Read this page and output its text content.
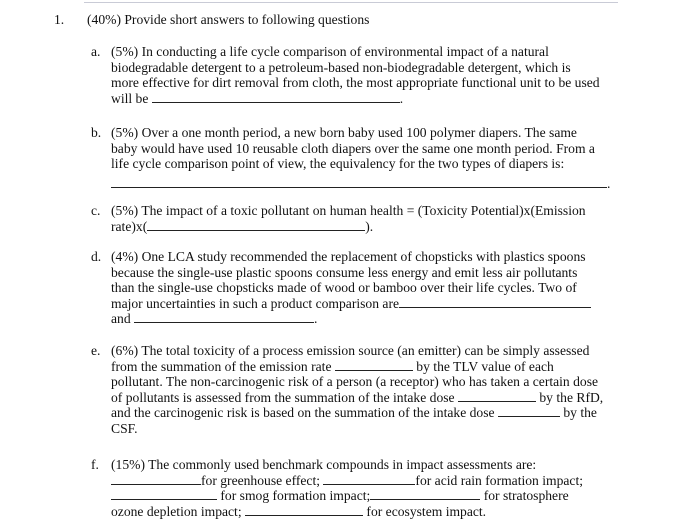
1. (40%) Provide short answers to following questions
a. (5%) In conducting a life cycle comparison of environmental impact of a natural
biodegradable detergent to a petroleum-based non-biodegradable detergent, which is
more effective for dirt removal from cloth, the most appropriate functional unit to be used
will be	.
b. (5%) Over a one month period, a new born baby used 100 polymer diapers. The same
baby would have used 10 reusable cloth diapers over the same one month period. From a
life cycle comparison point of view, the equivalency for the two types of diapers is:
.
c. (5%) The impact of a toxic pollutant on human health = (Toxicity Potential)x(Emission
rate)x(	).
d. (4%) One LCA study recommended the replacement of chopsticks with plastics spoons
because the single-use plastic spoons consume less energy and emit less air pollutants
than the single-use chopsticks made of wood or bamboo over their life cycles. Two of
major uncertainties in such a product comparison are
and	.
e. (6%) The total toxicity of a process emission source (an emitter) can be simply assessed
from the summation of the emission rate	by the TLV value of each
pollutant. The non-carcinogenic risk of a person (a receptor) who has taken a certain dose
of pollutants is assessed from the summation of the intake dose	by the RfD,
and the carcinogenic risk is based on the summation of the intake dose	by the
CSF.
f. (15%) The commonly used benchmark compounds in impact assessments are:
for greenhouse effect;	for acid rain formation impact;
for smog formation impact;	for stratosphere
ozone depletion impact;	for ecosystem impact.
